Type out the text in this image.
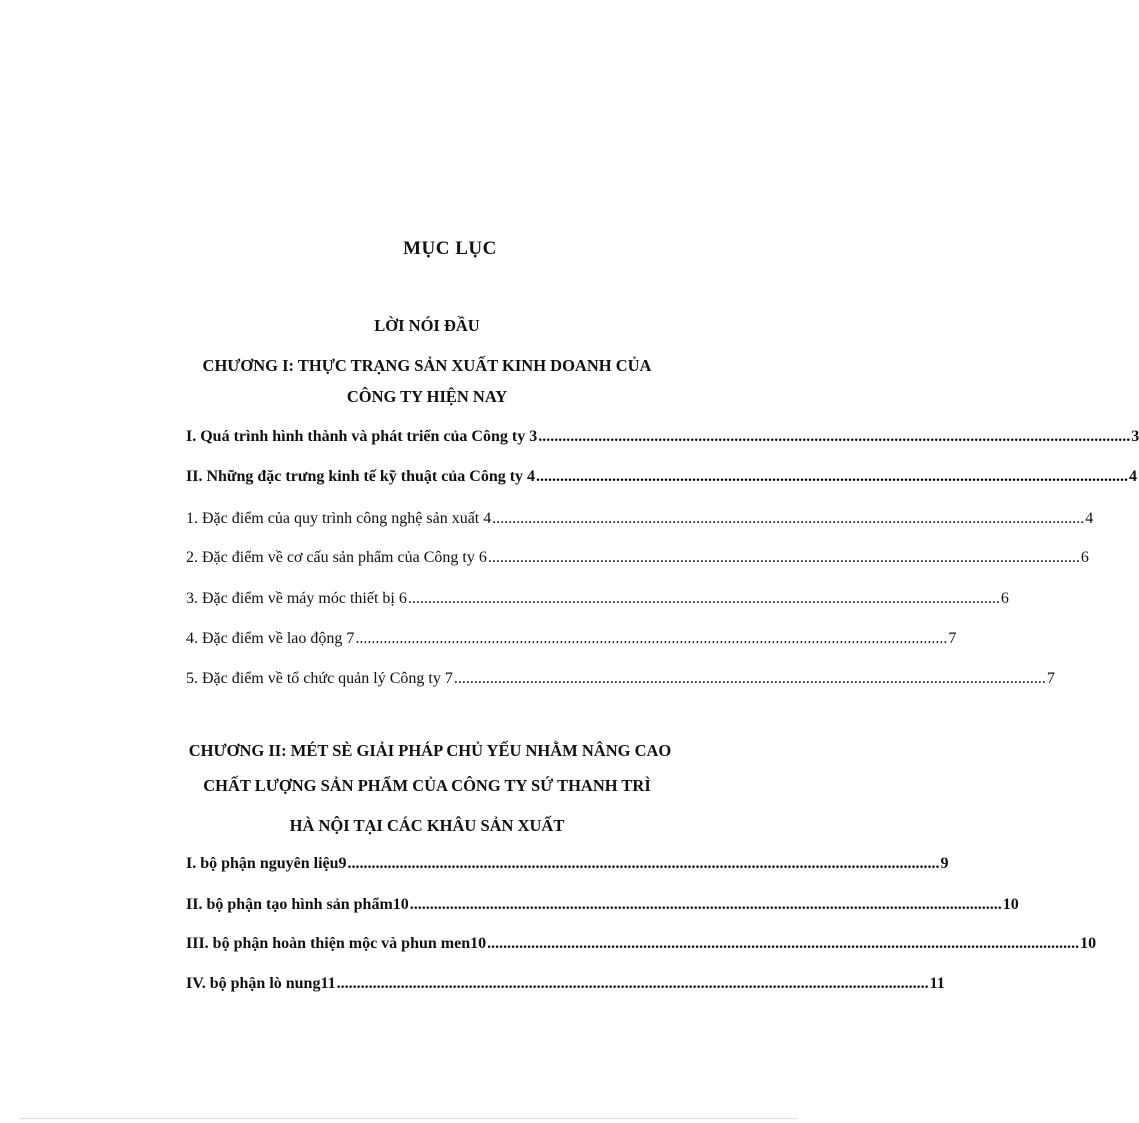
MỤC LỤC
LỜI NÓI ĐẦU
CHƯƠNG I: THỰC TRẠNG SẢN XUẤT KINH DOANH CỦA
CÔNG TY HIỆN NAY
I. Quá trình hình thành và phát triển của Công ty 3 .................................................................................................................................................... 3
II. Những đặc trưng kinh tế kỹ thuật của Công ty 4 .................................................................................................................................................... 4
1. Đặc điểm của quy trình công nghệ sản xuất 4 .................................................................................................................................................... 4
2. Đặc điểm về cơ cấu sản phẩm của Công ty 6 .................................................................................................................................................... 6
3. Đặc điểm về máy móc thiết bị 6 .................................................................................................................................................... 6
4. Đặc điểm về lao động 7 .................................................................................................................................................... 7
5. Đặc điểm về tổ chức quản lý Công ty 7 .................................................................................................................................................... 7
CHƯƠNG II: MÉT SÈ GIẢI PHÁP CHỦ YẾU NHẰM NÂNG CAO
CHẤT LƯỢNG SẢN PHẨM CỦA CÔNG TY SỨ THANH TRÌ
HÀ NỘI TẠI CÁC KHÂU SẢN XUẤT
I. bộ phận nguyên liệu9 .................................................................................................................................................... 9
II. bộ phận tạo hình sản phẩm10 .................................................................................................................................................... 10
III. bộ phận hoàn thiện mộc và phun men10 .................................................................................................................................................... 10
IV. bộ phận lò nung11 .................................................................................................................................................... 11
